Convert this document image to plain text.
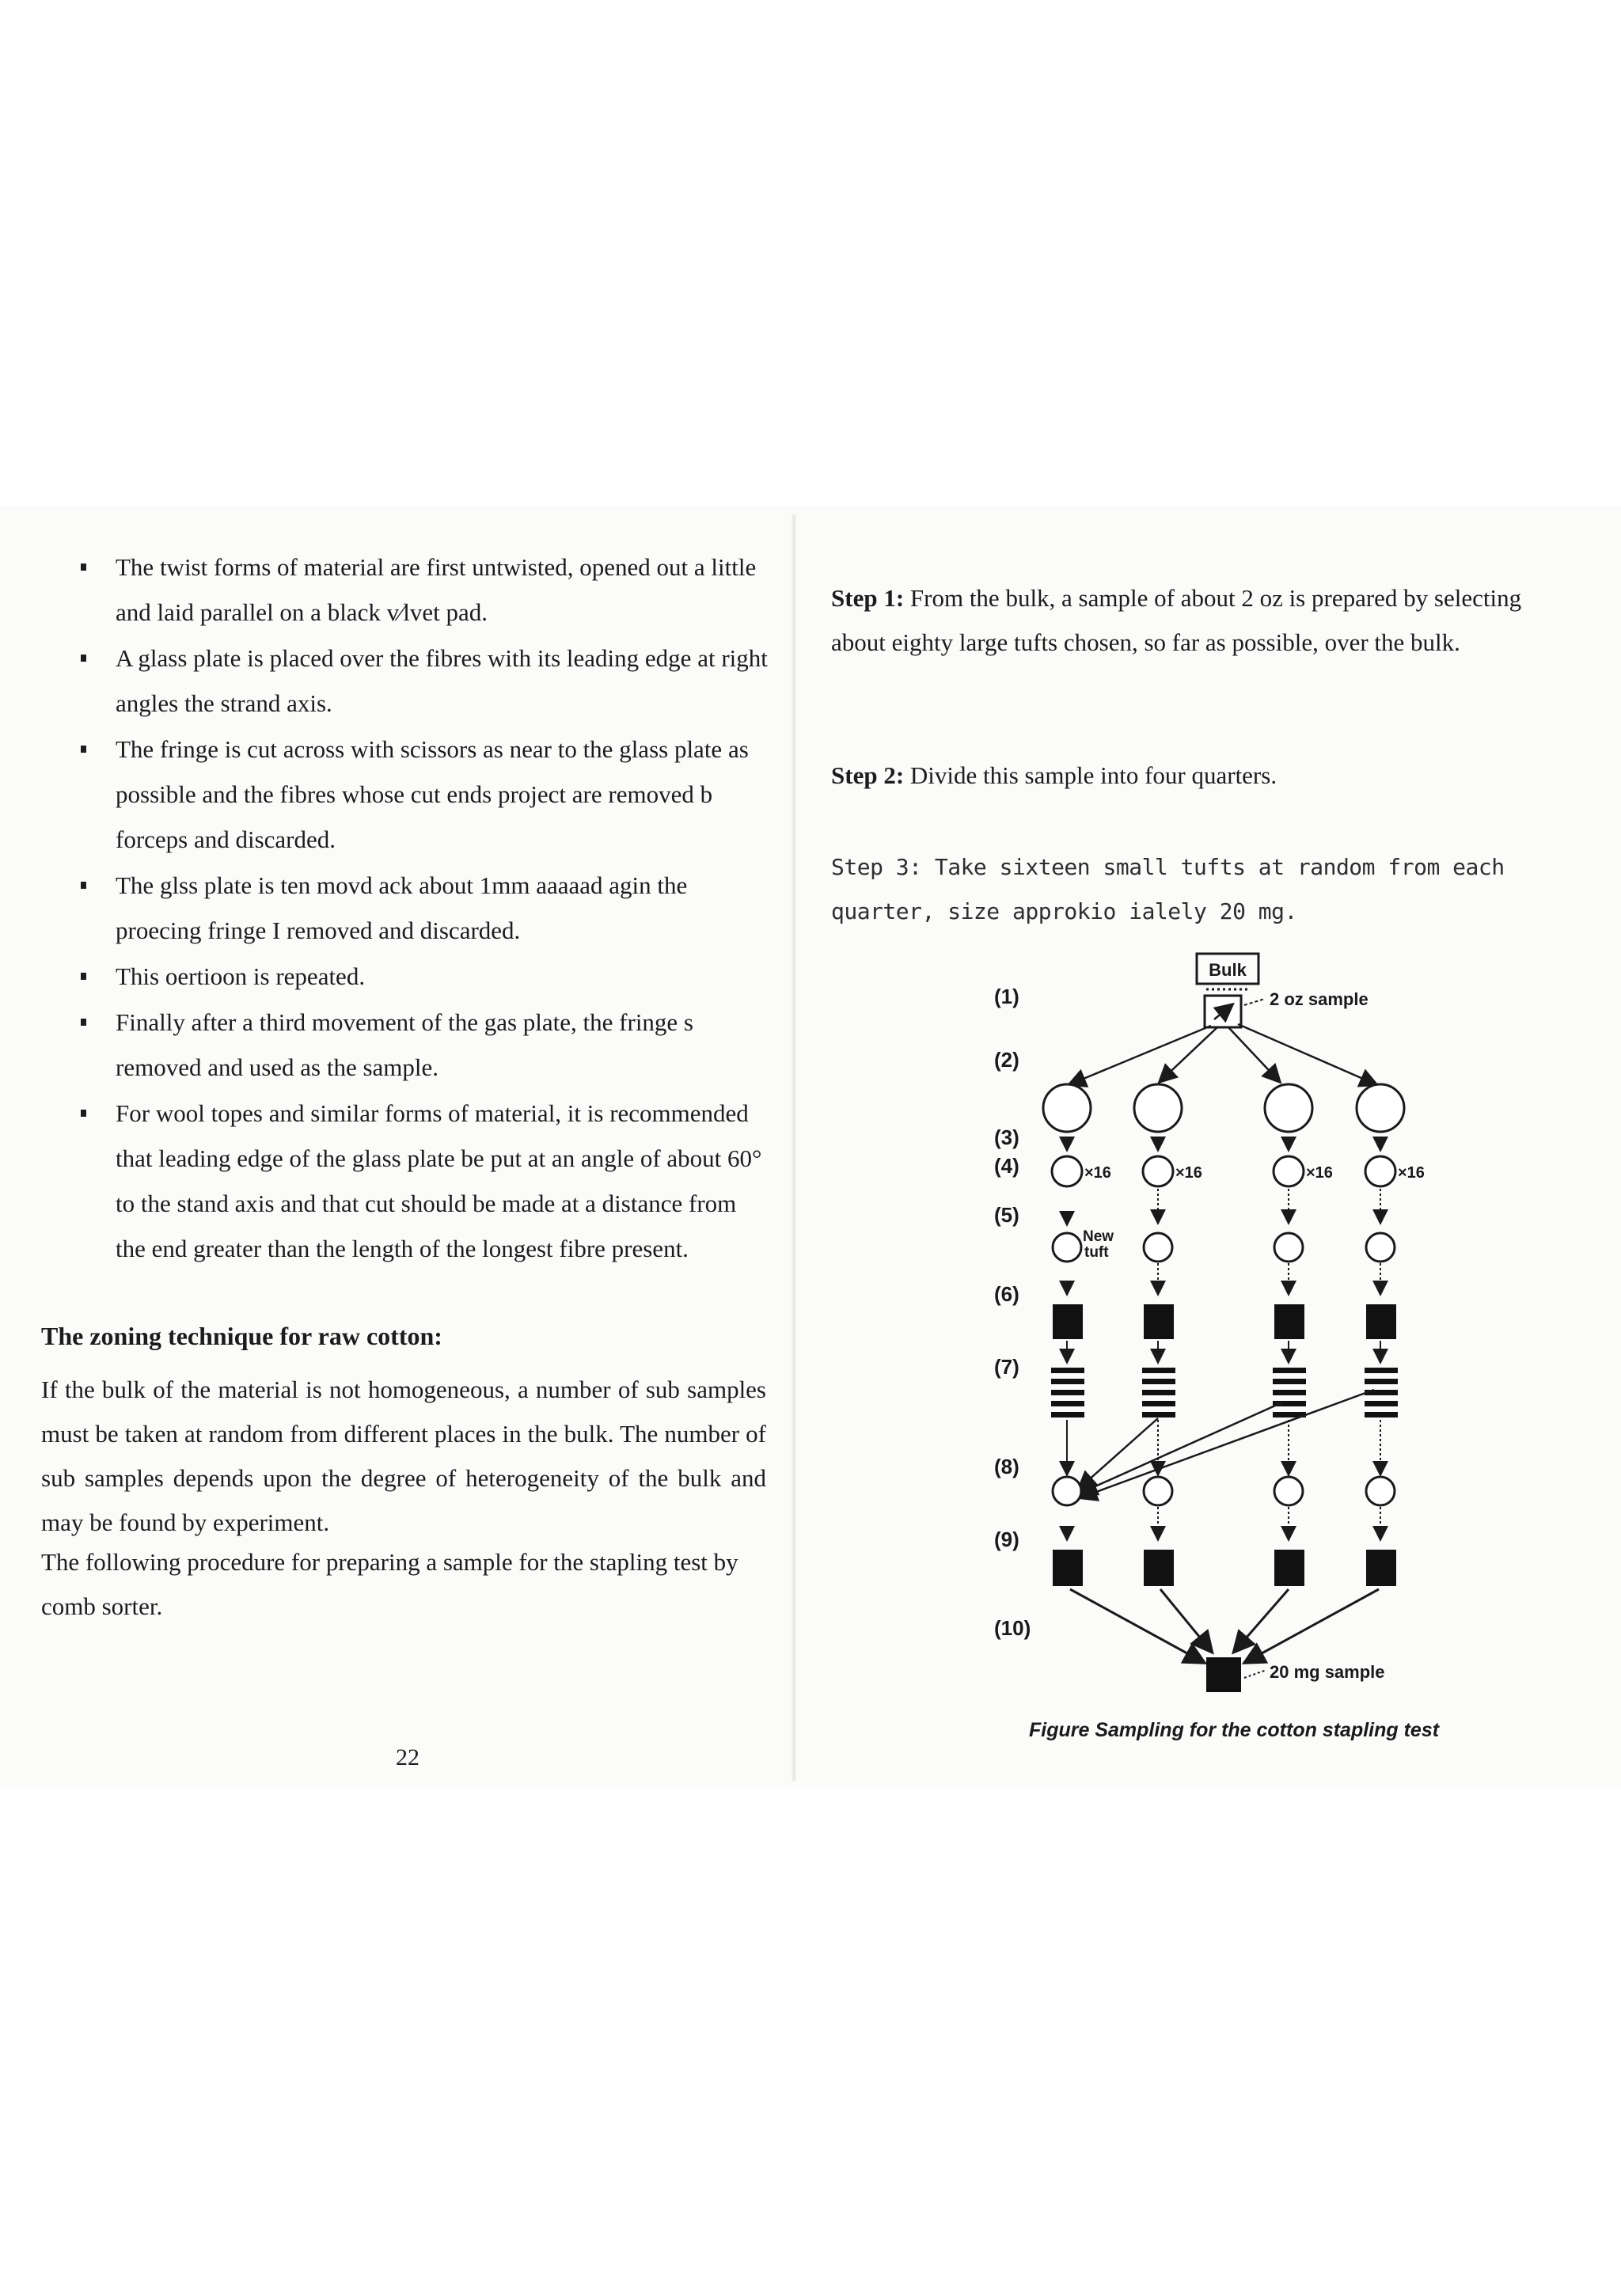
The twist forms of material are first untwisted, opened out a little and laid parallel on a black v∕lvet pad.
A glass plate is placed over the fibres with its leading edge at right angles the strand axis.
The fringe is cut across with scissors as near to the glass plate as possible and the fibres whose cut ends project are removed b forceps and discarded.
The glss plate is ten movd ack about 1mm aaaaad agin the proecing fringe I removed and discarded.
This oertioon is repeated.
Finally after a third movement of the gas plate, the fringe s removed and used as the sample.
For wool topes and similar forms of material, it is recommended that leading edge of the glass plate be put at an angle of about 60° to the stand axis and that cut should be made at a distance from the end greater than the length of the longest fibre present.
The zoning technique for raw cotton:

If the bulk of the material is not homogeneous, a number of sub samples must be taken at random from different places in the bulk. The number of sub samples depends upon the degree of heterogeneity of the bulk and may be found by experiment.

The following procedure for preparing a sample for the stapling test by comb sorter.

22

Step 1: From the bulk, a sample of about 2 oz is prepared by selecting about eighty large tufts chosen, so far as possible, over the bulk.

Step 2: Divide this sample into four quarters.

Step 3: Take sixteen small tufts at random from each quarter, size approkio ialely 20 mg.

(1)
(2)
(3)
(4)
(5)
(6)
(7)
(8)
(9)
(10)
Bulk
2 oz sample
×16	×16	×16	×16
New
tuft
20 mg sample
Figure Sampling for the cotton stapling test
